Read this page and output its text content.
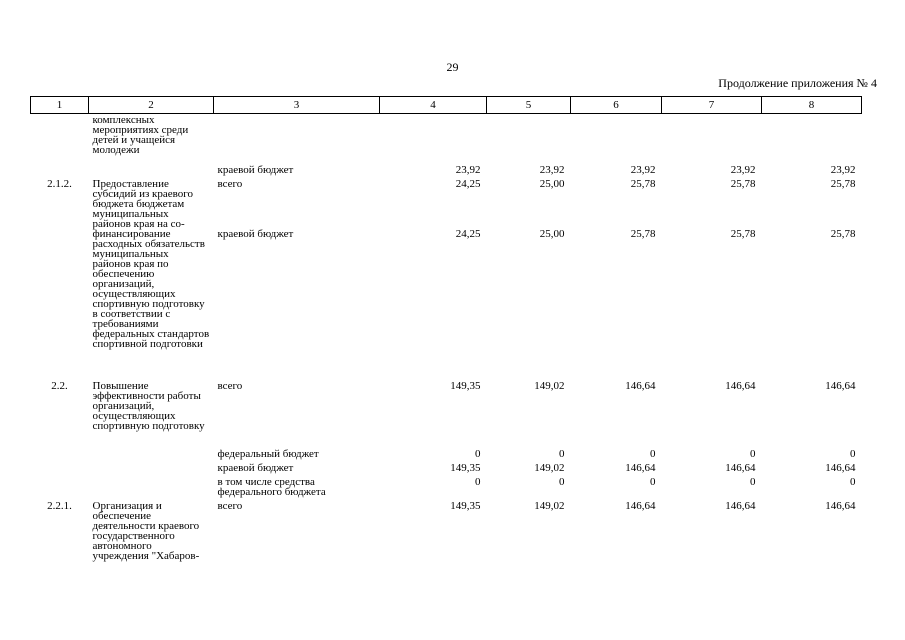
29
Продолжение приложения № 4
1	2	3	4	5	6	7	8
	комплексных мероприятиях среди детей и учащейся молодежи						
		краевой бюджет	23,92	23,92	23,92	23,92	23,92
2.1.2.	Предоставление субсидий из краевого бюджета бюджетам муниципальных районов края на со-	всего	24,25	25,00	25,78	25,78	25,78
	финансирование расходных обязательств муниципальных районов края по обеспечению организаций, осуществляющих спортивную подготовку в соответствии с требованиями федеральных стандартов спортивной подготовки	краевой бюджет	24,25	25,00	25,78	25,78	25,78
2.2.	Повышение эффективности работы организаций, осуществляющих спортивную подготовку	всего	149,35	149,02	146,64	146,64	146,64
		федеральный бюджет	0	0	0	0	0
		краевой бюджет	149,35	149,02	146,64	146,64	146,64
		в том числе средства федерального бюджета	0	0	0	0	0
2.2.1.	Организация и обеспечение деятельности краевого государственного автономного учреждения "Хабаров-	всего	149,35	149,02	146,64	146,64	146,64
